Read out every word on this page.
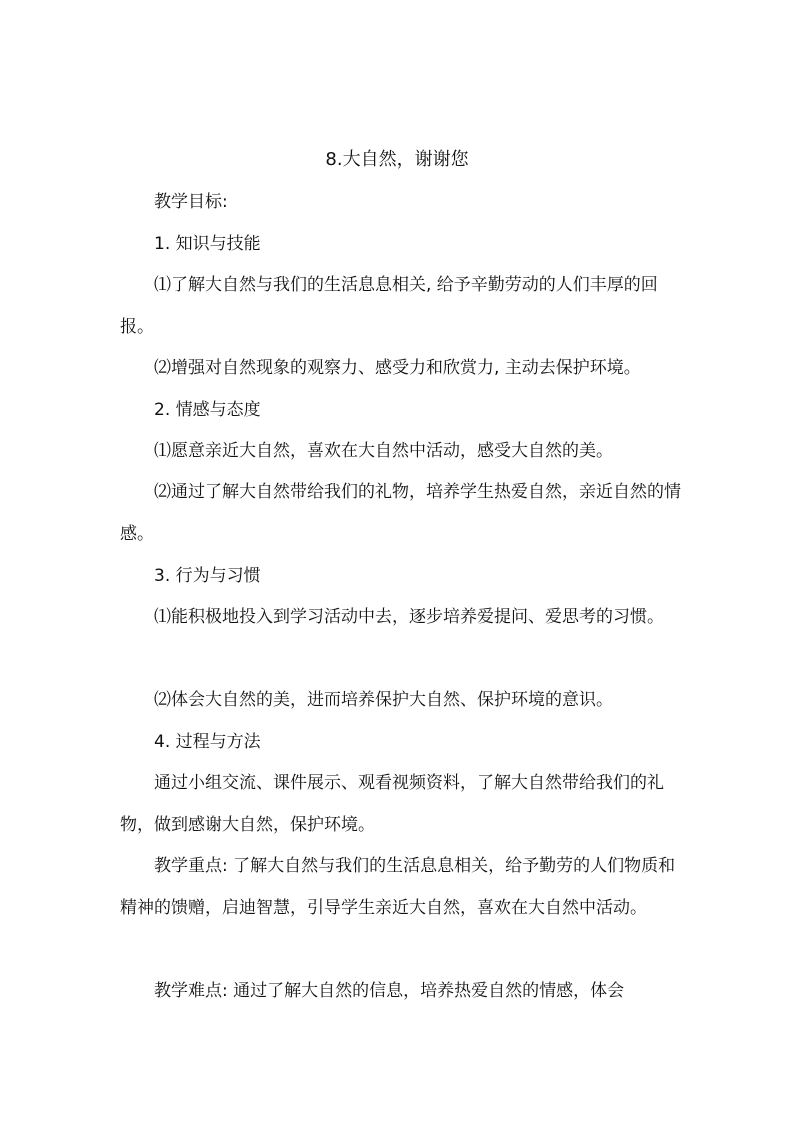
8.大自然，谢谢您
教学目标:
1. 知识与技能
⑴了解大自然与我们的生活息息相关, 给予辛勤劳动的人们丰厚的回报。
⑵增强对自然现象的观察力、感受力和欣赏力, 主动去保护环境。
2. 情感与态度
⑴愿意亲近大自然，喜欢在大自然中活动，感受大自然的美。
⑵通过了解大自然带给我们的礼物，培养学生热爱自然，亲近自然的情感。
3. 行为与习惯
⑴能积极地投入到学习活动中去，逐步培养爱提问、爱思考的习惯。
⑵体会大自然的美，进而培养保护大自然、保护环境的意识。
4. 过程与方法
通过小组交流、课件展示、观看视频资料，了解大自然带给我们的礼物，做到感谢大自然，保护环境。
教学重点: 了解大自然与我们的生活息息相关，给予勤劳的人们物质和精神的馈赠，启迪智慧，引导学生亲近大自然，喜欢在大自然中活动。
教学难点: 通过了解大自然的信息，培养热爱自然的情感，体会
